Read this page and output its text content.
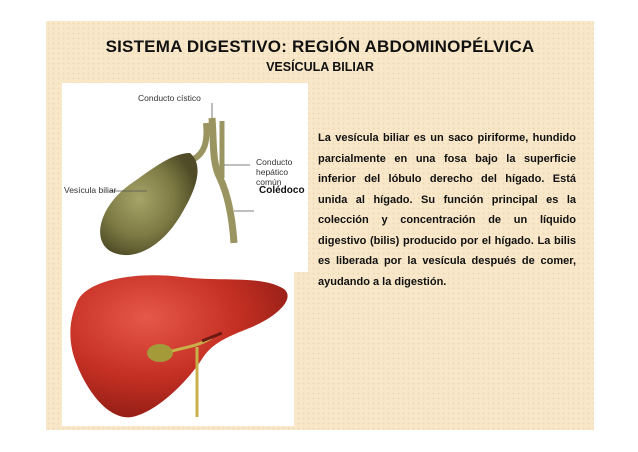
SISTEMA DIGESTIVO: REGIÓN ABDOMINOPÉLVICA
VESÍCULA BILIAR
Conducto cístico
Conducto
hepático
común
Vesícula biliar	Colédoco

La vesícula biliar es un saco piriforme, hundido parcialmente en una fosa bajo la superficie inferior del lóbulo derecho del hígado. Está unida al hígado. Su función principal es la colección y concentración de un líquido digestivo (bilis) producido por el hígado. La bilis es liberada por la vesícula después de comer, ayudando a la digestión.
